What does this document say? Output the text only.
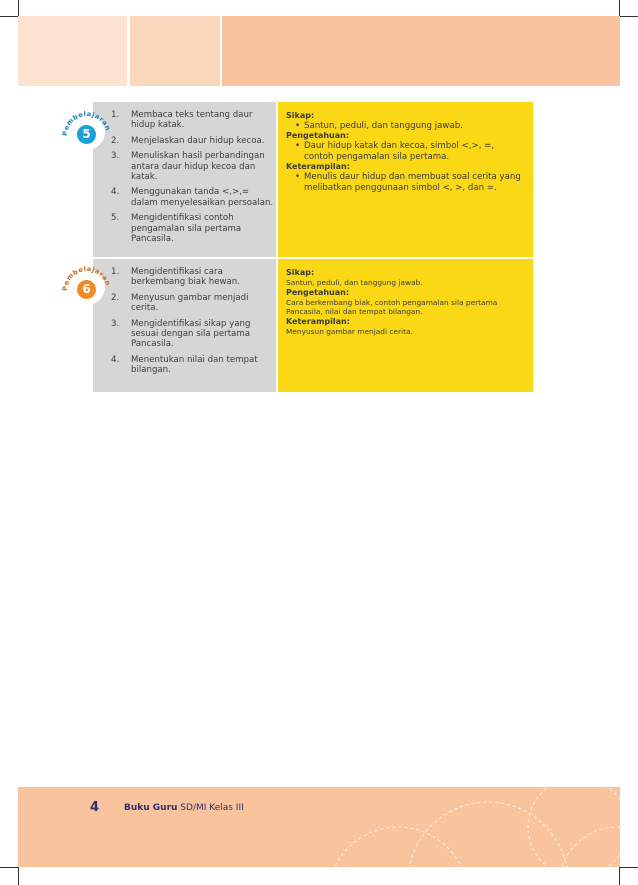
Pembelajaran
5
1.	Membaca teks tentang daur hidup katak.
2.	Menjelaskan daur hidup kecoa.
3.	Menuliskan hasil perbandingan antara daur hidup kecoa dan katak.
4.	Menggunakan tanda <,>,= dalam menyelesaikan persoalan.
5.	Mengidentifikasi contoh pengamalan sila pertama Pancasila.
Sikap:
• Santun, peduli, dan tanggung jawab.
Pengetahuan:
• Daur hidup katak dan kecoa, simbol <,>, =, contoh pengamalan sila pertama.
Keterampilan:
• Menulis daur hidup dan membuat soal cerita yang melibatkan penggunaan simbol <, >, dan =.
Pembelajaran
6
1.	Mengidentifikasi cara berkembang biak hewan.
2.	Menyusun gambar menjadi cerita.
3.	Mengidentifikasi sikap yang sesuai dengan sila pertama Pancasila.
4.	Menentukan nilai dan tempat bilangan.
Sikap:
Santun, peduli, dan tanggung jawab.
Pengetahuan:
Cara berkembang biak, contoh pengamalan sila pertama Pancasila, nilai dan tempat bilangan.
Keterampilan:
Menyusun gambar menjadi cerita.
4	Buku Guru SD/MI Kelas III
